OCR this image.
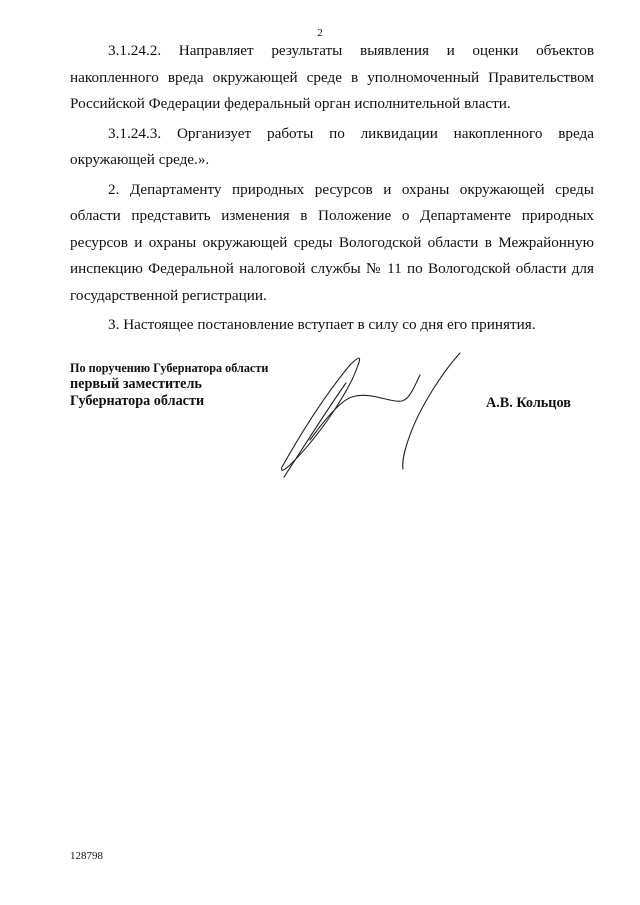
2

3.1.24.2. Направляет результаты выявления и оценки объектов накопленного вреда окружающей среде в уполномоченный Правительством Российской Федерации федеральный орган исполнительной власти.

3.1.24.3. Организует работы по ликвидации накопленного вреда окружающей среде.».

2. Департаменту природных ресурсов и охраны окружающей среды области представить изменения в Положение о Департаменте природных ресурсов и охраны окружающей среды Вологодской области в Межрайонную инспекцию Федеральной налоговой службы № 11 по Вологодской области для государственной регистрации.

3. Настоящее постановление вступает в силу со дня его принятия.

По поручению Губернатора области
первый заместитель
Губернатора области	А.В. Кольцов
128798
